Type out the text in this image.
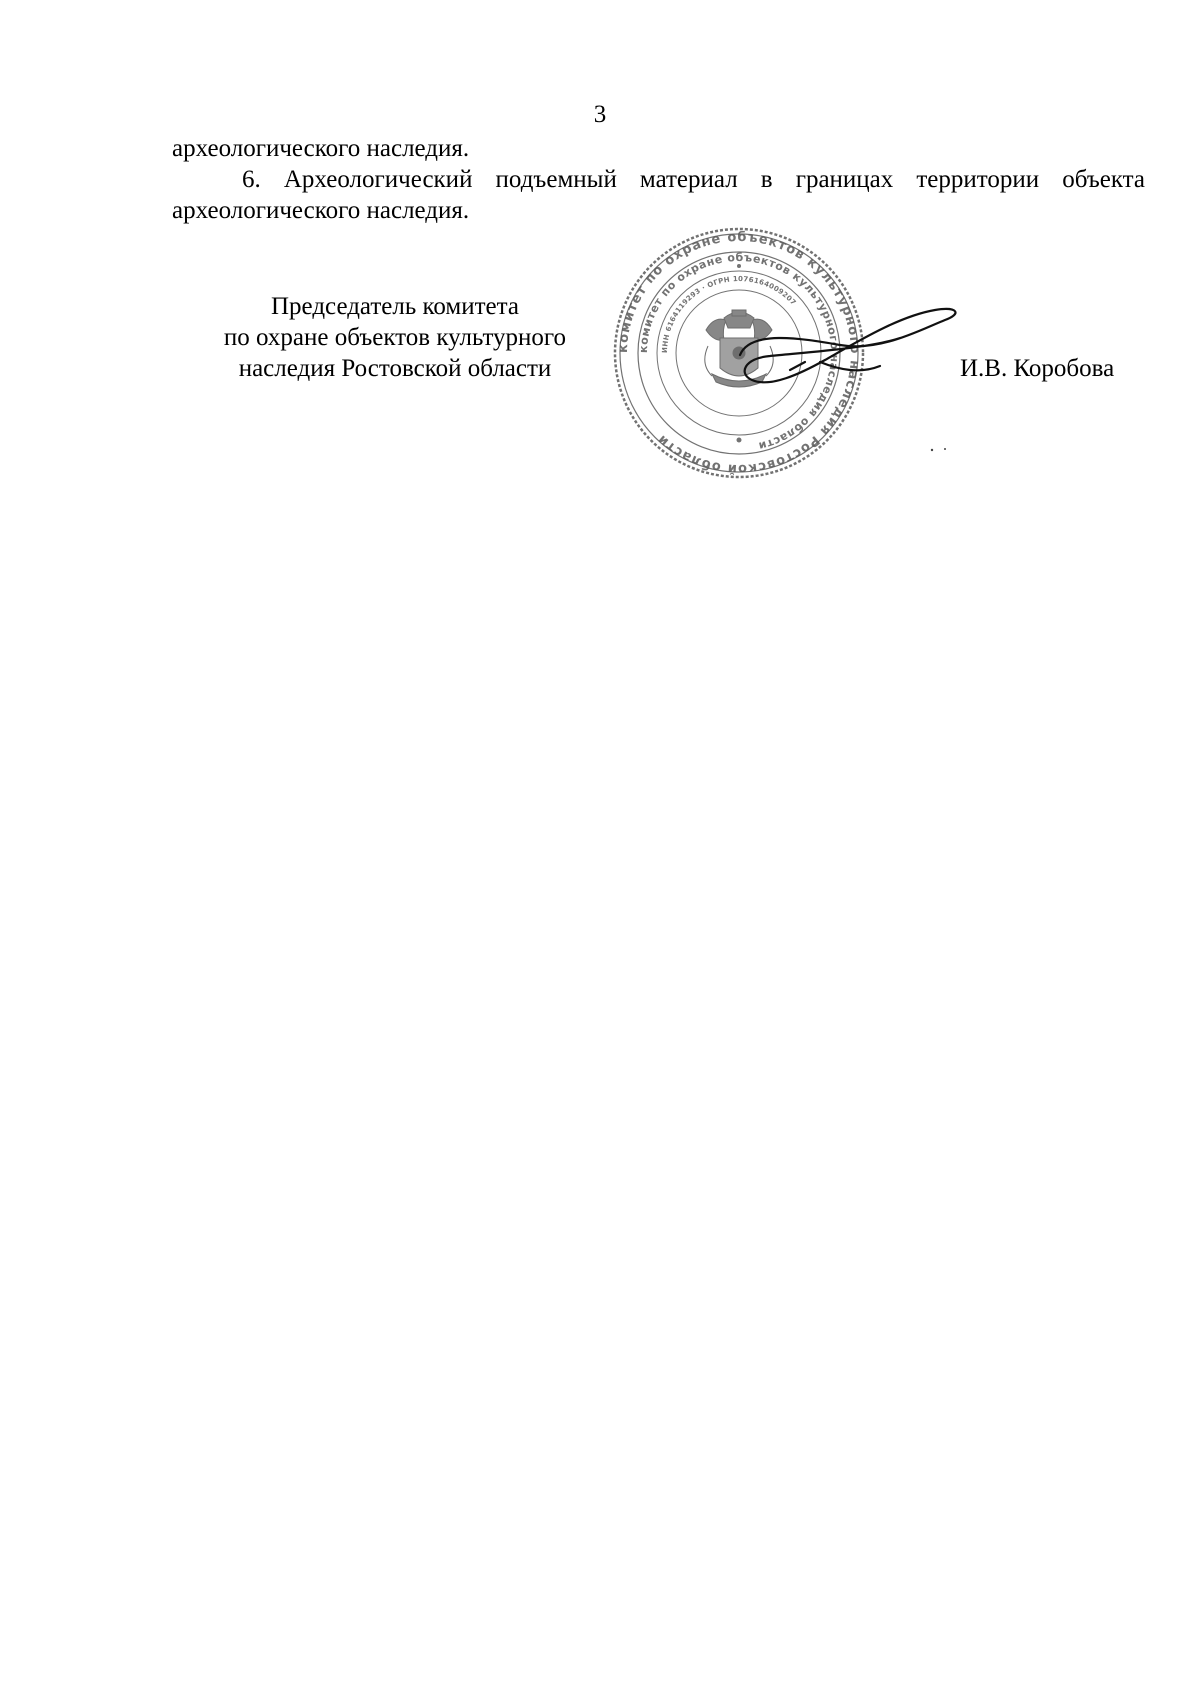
3

археологического наследия.

6. Археологический подъемный материал в границах территории объекта археологического наследия.

Председатель комитета
по охране объектов культурного
наследия Ростовской области
комитет по охране объектов культурного наследия Ростовской области
комитет по охране объектов культурного наследия области
ИНН 6164119293 · ОГРН 1076164009207
И.В. Коробова
